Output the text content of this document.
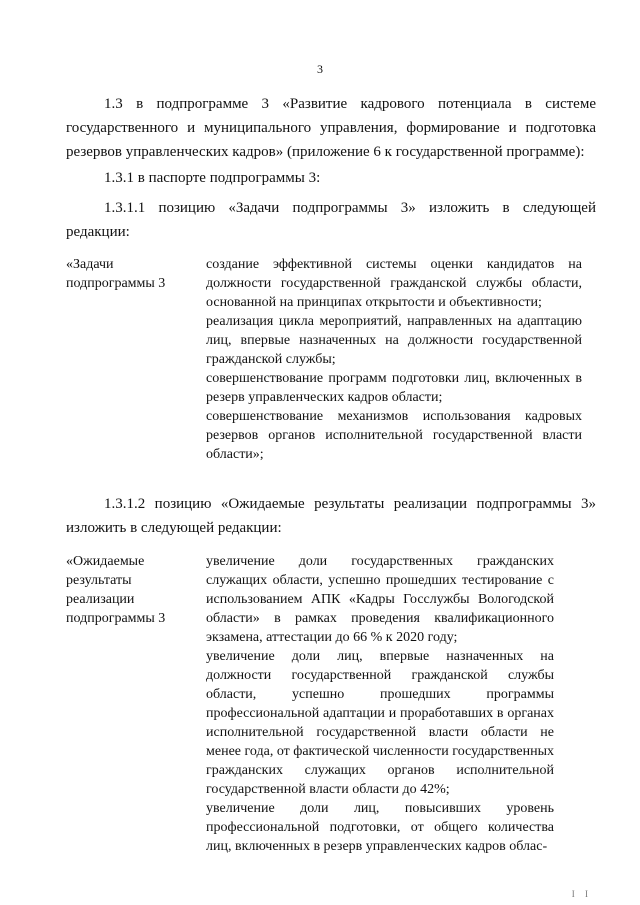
3
1.3 в подпрограмме 3 «Развитие кадрового потенциала в системе государственного и муниципального управления, формирование и подготовка резервов управленческих кадров» (приложение 6 к государственной программе):
1.3.1 в паспорте подпрограммы 3:
1.3.1.1 позицию «Задачи подпрограммы 3» изложить в следующей редакции:
«Задачи
подпрограммы 3
создание эффективной системы оценки кандидатов на должности государственной гражданской службы области, основанной на принципах открытости и объективности;
реализация цикла мероприятий, направленных на адаптацию лиц, впервые назначенных на должности государственной гражданской службы;
совершенствование программ подготовки лиц, включенных в резерв управленческих кадров области;
совершенствование механизмов использования кадровых резервов органов исполнительной государственной власти области»;
1.3.1.2 позицию «Ожидаемые результаты реализации подпрограммы 3» изложить в следующей редакции:
«Ожидаемые
результаты
реализации
подпрограммы 3
увеличение доли государственных гражданских служащих области, успешно прошедших тестирование с использованием АПК «Кадры Госслужбы Вологодской области» в рамках проведения квалификационного экзамена, аттестации до 66 % к 2020 году;
увеличение доли лиц, впервые назначенных на должности государственной гражданской службы области, успешно прошедших программы профессиональной адаптации и проработавших в органах исполнительной государственной власти области не менее года, от фактической численности государственных гражданских служащих органов исполнительной государственной власти области до 42%;
увеличение доли лиц, повысивших уровень профессиональной подготовки, от общего количества лиц, включенных в резерв управленческих кадров облас-
I I
